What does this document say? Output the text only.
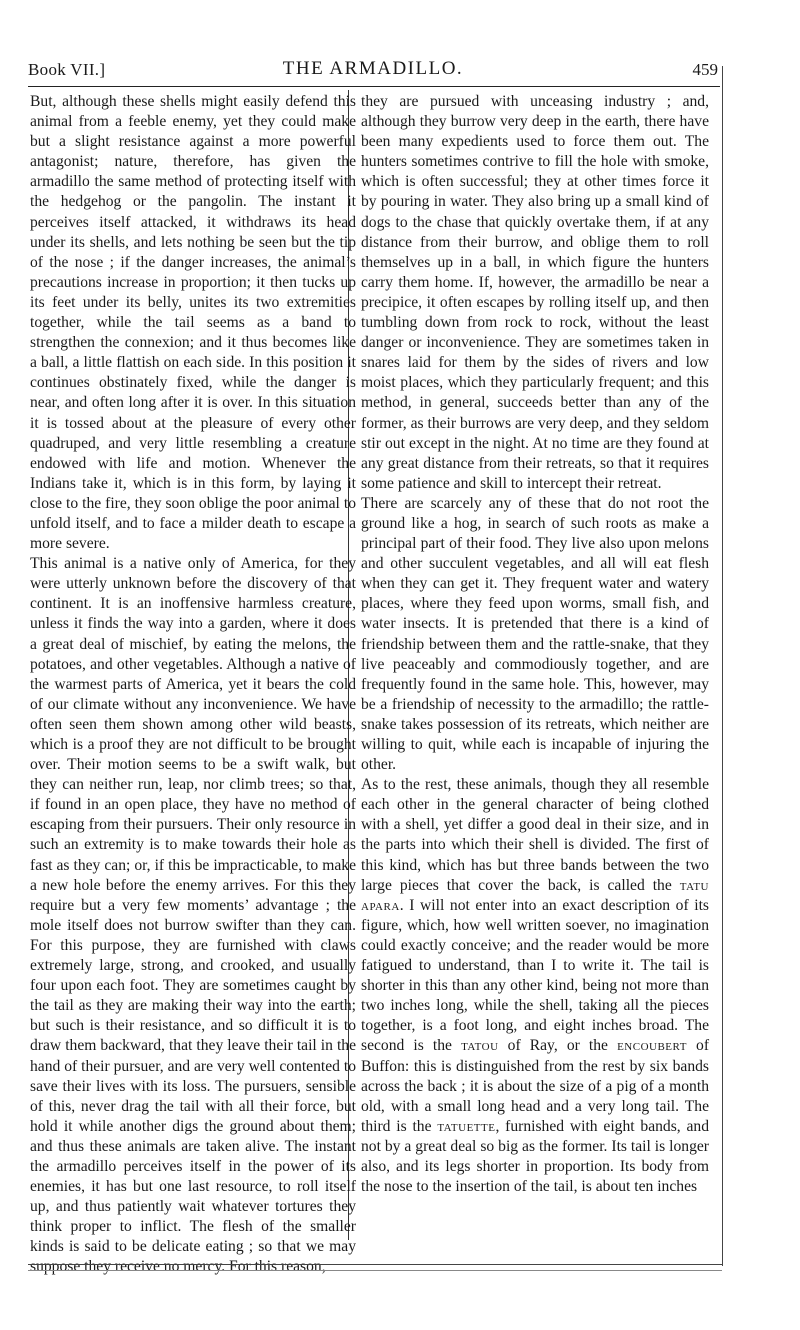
Book VII.]	THE ARMADILLO.	459

But, although these shells might easily defend this animal from a feeble enemy, yet they could make but a slight resistance against a more powerful antagonist; nature, therefore, has given the armadillo the same method of protecting itself with the hedgehog or the pangolin. The instant it perceives itself attacked, it withdraws its head under its shells, and lets nothing be seen but the tip of the nose ; if the danger increases, the animal’s precautions increase in proportion; it then tucks up its feet under its belly, unites its two extremities together, while the tail seems as a band to strengthen the connexion; and it thus becomes like a ball, a little flattish on each side. In this position it continues obstinately fixed, while the danger is near, and often long after it is over. In this situation it is tossed about at the pleasure of every other quadruped, and very little resembling a creature endowed with life and motion. Whenever the Indians take it, which is in this form, by laying it close to the fire, they soon oblige the poor animal to unfold itself, and to face a milder death to escape a more severe.

This animal is a native only of America, for they were utterly unknown before the discovery of that continent. It is an inoffensive harmless creature, unless it finds the way into a garden, where it does a great deal of mischief, by eating the melons, the potatoes, and other vegetables. Although a native of the warmest parts of America, yet it bears the cold of our climate without any inconvenience. We have often seen them shown among other wild beasts, which is a proof they are not difficult to be brought over. Their motion seems to be a swift walk, but they can neither run, leap, nor climb trees; so that, if found in an open place, they have no method of escaping from their pursuers. Their only resource in such an extremity is to make towards their hole as fast as they can; or, if this be impracticable, to make a new hole before the enemy arrives. For this they require but a very few moments’ advantage ; the mole itself does not burrow swifter than they can. For this purpose, they are furnished with claws extremely large, strong, and crooked, and usually four upon each foot. They are sometimes caught by the tail as they are making their way into the earth; but such is their resistance, and so difficult it is to draw them backward, that they leave their tail in the hand of their pursuer, and are very well contented to save their lives with its loss. The pursuers, sensible of this, never drag the tail with all their force, but hold it while another digs the ground about them; and thus these animals are taken alive. The instant the armadillo perceives itself in the power of its enemies, it has but one last resource, to roll itself up, and thus patiently wait whatever tortures they think proper to inflict. The flesh of the smaller kinds is said to be delicate eating ; so that we may suppose they receive no mercy. For this reason,

they are pursued with unceasing industry ; and, although they burrow very deep in the earth, there have been many expedients used to force them out. The hunters sometimes contrive to fill the hole with smoke, which is often successful; they at other times force it by pouring in water. They also bring up a small kind of dogs to the chase that quickly overtake them, if at any distance from their burrow, and oblige them to roll themselves up in a ball, in which figure the hunters carry them home. If, however, the armadillo be near a precipice, it often escapes by rolling itself up, and then tumbling down from rock to rock, without the least danger or inconvenience. They are sometimes taken in snares laid for them by the sides of rivers and low moist places, which they particularly frequent; and this method, in general, succeeds better than any of the former, as their burrows are very deep, and they seldom stir out except in the night. At no time are they found at any great distance from their retreats, so that it requires some patience and skill to intercept their retreat.

There are scarcely any of these that do not root the ground like a hog, in search of such roots as make a principal part of their food. They live also upon melons and other succulent vegetables, and all will eat flesh when they can get it. They frequent water and watery places, where they feed upon worms, small fish, and water insects. It is pretended that there is a kind of friendship between them and the rattle-snake, that they live peaceably and commodiously together, and are frequently found in the same hole. This, however, may be a friendship of necessity to the armadillo; the rattle-snake takes possession of its retreats, which neither are willing to quit, while each is incapable of injuring the other.

As to the rest, these animals, though they all resemble each other in the general character of being clothed with a shell, yet differ a good deal in their size, and in the parts into which their shell is divided. The first of this kind, which has but three bands between the two large pieces that cover the back, is called the tatu apara. I will not enter into an exact description of its figure, which, how well written soever, no imagination could exactly conceive; and the reader would be more fatigued to understand, than I to write it. The tail is shorter in this than any other kind, being not more than two inches long, while the shell, taking all the pieces together, is a foot long, and eight inches broad. The second is the tatou of Ray, or the encoubert of Buffon: this is distinguished from the rest by six bands across the back ; it is about the size of a pig of a month old, with a small long head and a very long tail. The third is the tatuette, furnished with eight bands, and not by a great deal so big as the former. Its tail is longer also, and its legs shorter in proportion. Its body from the nose to the insertion of the tail, is about ten inches
